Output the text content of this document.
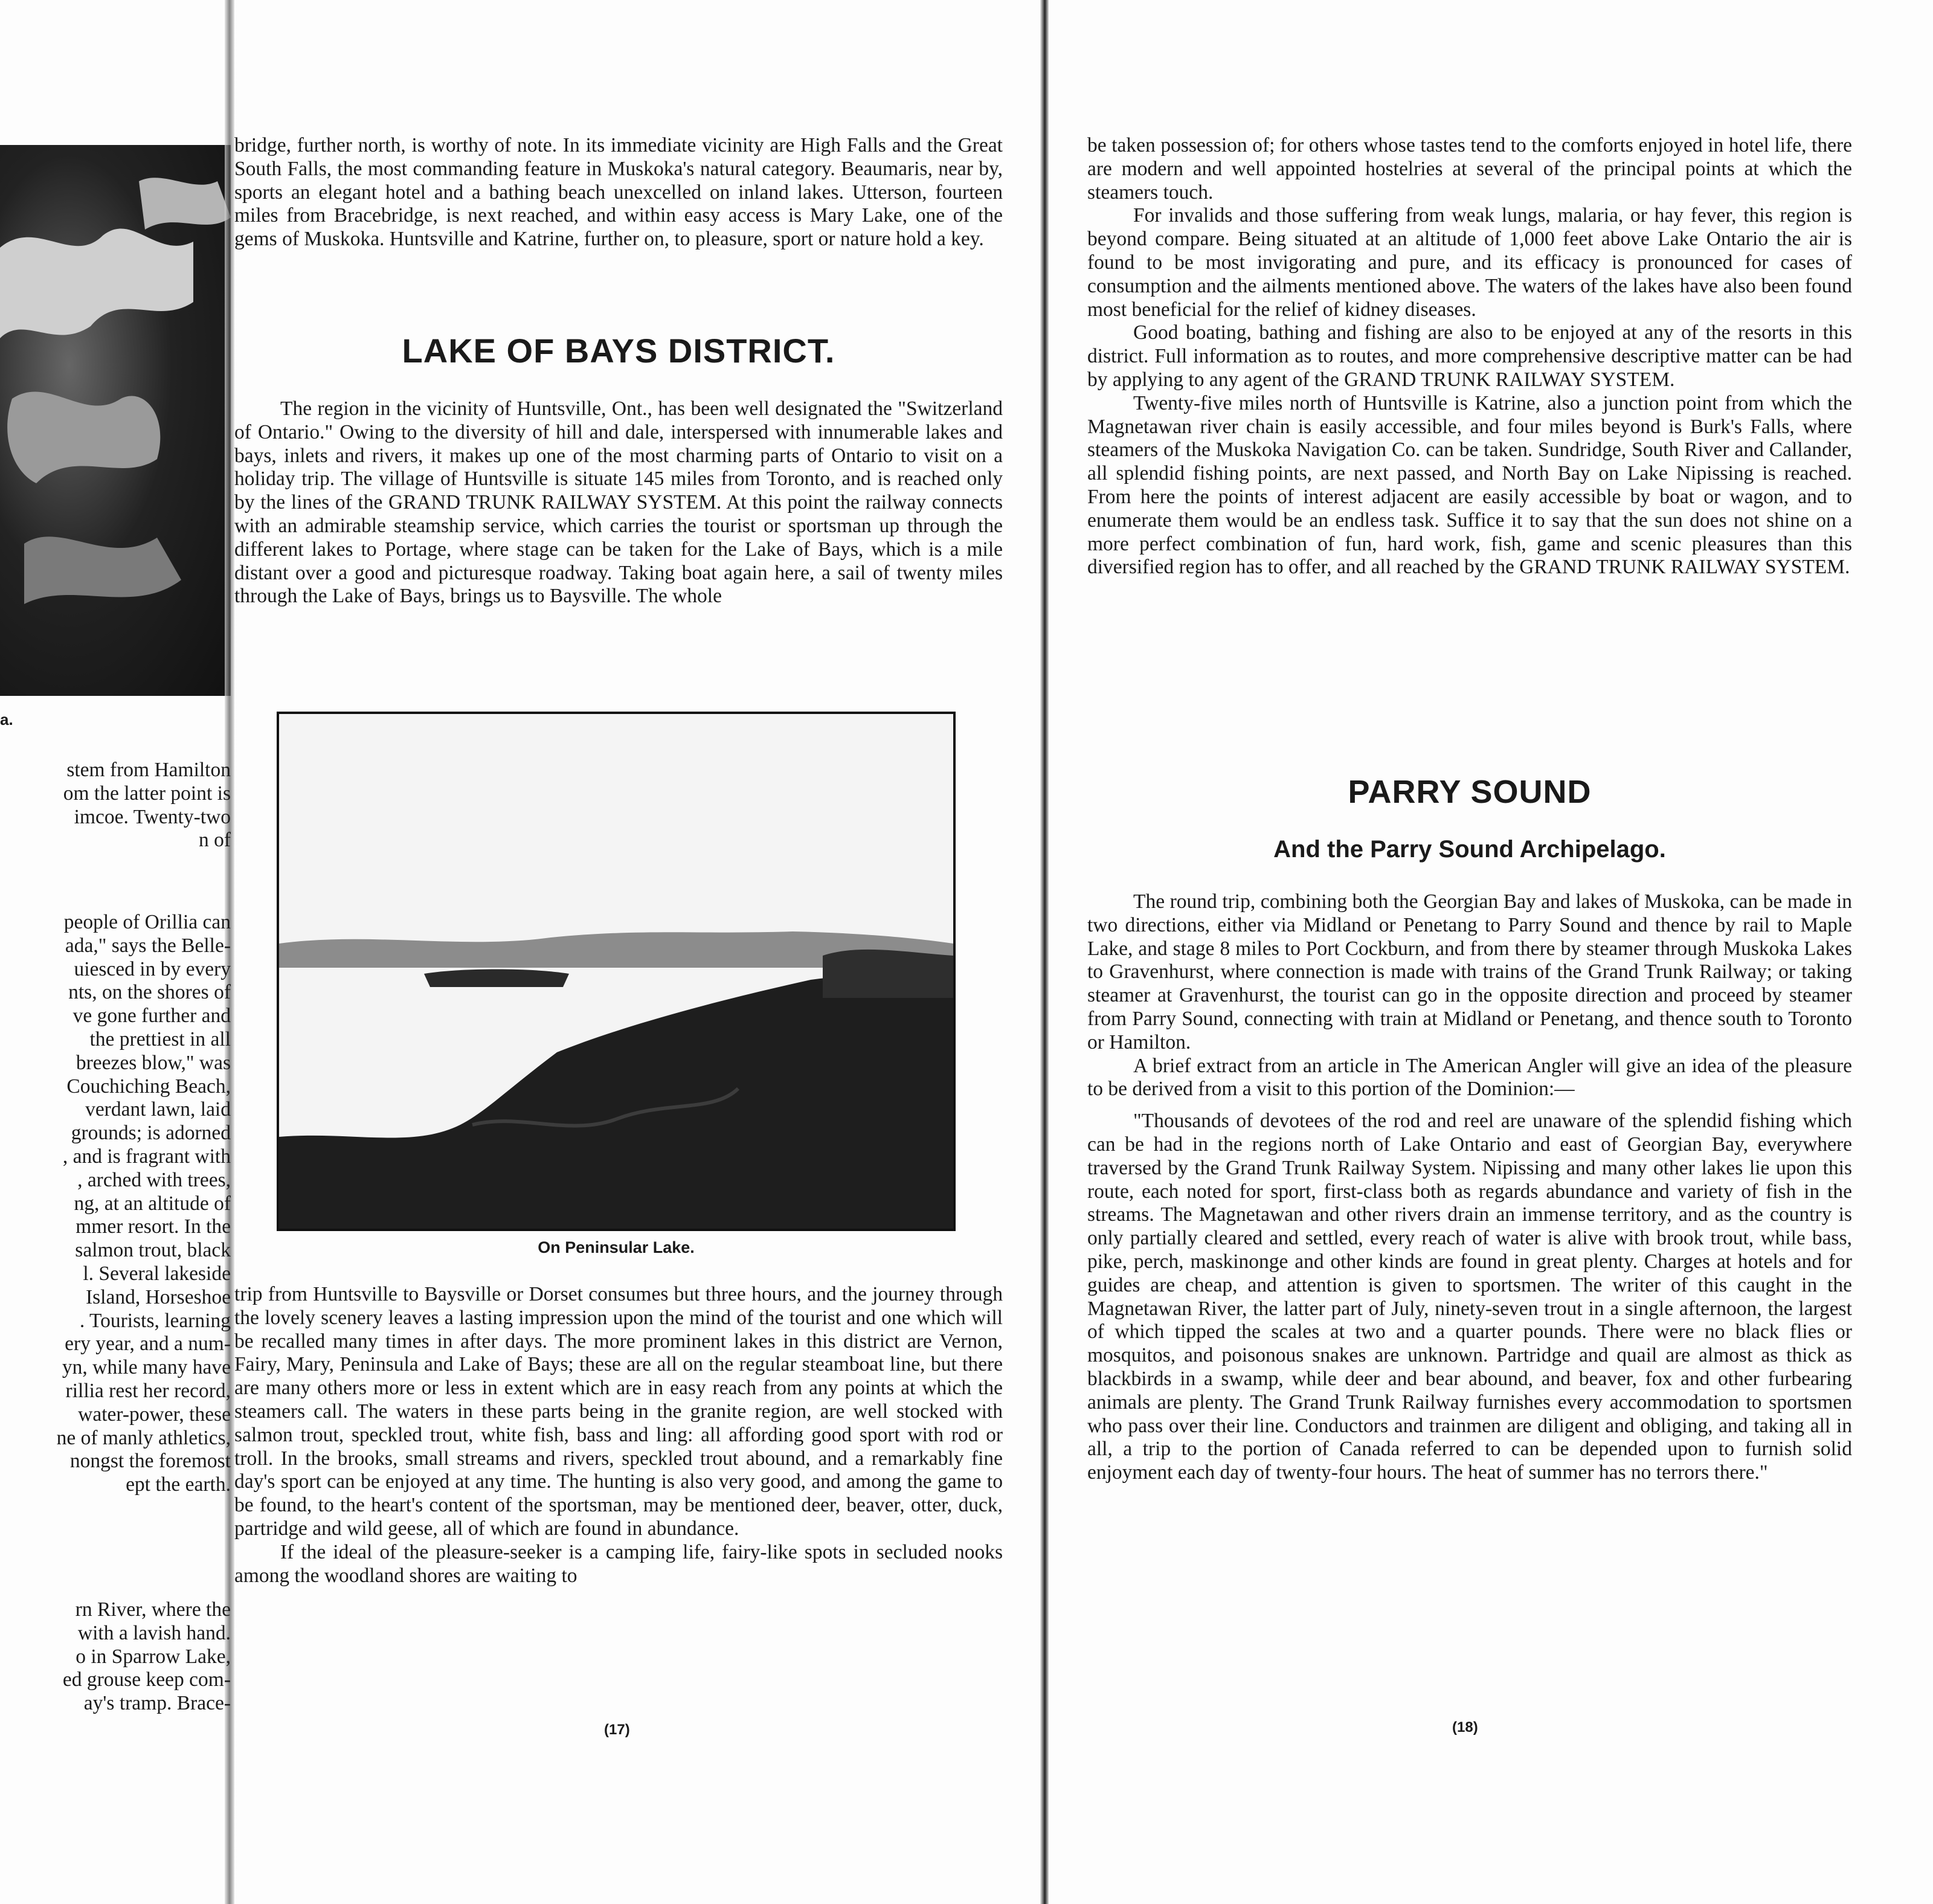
a.
stem from Hamilton
om the latter point is
imcoe. Twenty-two
n of
people of Orillia can
ada," says the Belle-
uiesced in by every
nts, on the shores of
ve gone further and
the prettiest in all
breezes blow," was
Couchiching Beach,
verdant lawn, laid
grounds; is adorned
, and is fragrant with
, arched with trees,
ng, at an altitude of
mmer resort. In the
salmon trout, black
l. Several lakeside
Island, Horseshoe
. Tourists, learning
ery year, and a num-
yn, while many have
rillia rest her record,
water-power, these
ne of manly athletics,
nongst the foremost
ept the earth.
rn River, where the
with a lavish hand.
o in Sparrow Lake,
ed grouse keep com-
ay's tramp. Brace-

bridge, further north, is worthy of note. In its immediate vicinity are High Falls and the Great South Falls, the most commanding feature in Muskoka's natural category. Beaumaris, near by, sports an elegant hotel and a bathing beach unexcelled on inland lakes. Utterson, fourteen miles from Bracebridge, is next reached, and within easy access is Mary Lake, one of the gems of Muskoka. Huntsville and Katrine, further on, to pleasure, sport or nature hold a key.

LAKE OF BAYS DISTRICT.

The region in the vicinity of Huntsville, Ont., has been well designated the "Switzerland of Ontario." Owing to the diversity of hill and dale, interspersed with innumerable lakes and bays, inlets and rivers, it makes up one of the most charming parts of Ontario to visit on a holiday trip. The village of Huntsville is situate 145 miles from Toronto, and is reached only by the lines of the GRAND TRUNK RAILWAY SYSTEM. At this point the railway connects with an admirable steamship service, which carries the tourist or sportsman up through the different lakes to Portage, where stage can be taken for the Lake of Bays, which is a mile distant over a good and picturesque roadway. Taking boat again here, a sail of twenty miles through the Lake of Bays, brings us to Baysville. The whole

On Peninsular Lake.

trip from Huntsville to Baysville or Dorset consumes but three hours, and the journey through the lovely scenery leaves a lasting impression upon the mind of the tourist and one which will be recalled many times in after days. The more prominent lakes in this district are Vernon, Fairy, Mary, Peninsula and Lake of Bays; these are all on the regular steamboat line, but there are many others more or less in extent which are in easy reach from any points at which the steamers call. The waters in these parts being in the granite region, are well stocked with salmon trout, speckled trout, white fish, bass and ling: all affording good sport with rod or troll. In the brooks, small streams and rivers, speckled trout abound, and a remarkably fine day's sport can be enjoyed at any time. The hunting is also very good, and among the game to be found, to the heart's content of the sportsman, may be mentioned deer, beaver, otter, duck, partridge and wild geese, all of which are found in abundance.

If the ideal of the pleasure-seeker is a camping life, fairy-like spots in secluded nooks among the woodland shores are waiting to

(17)

be taken possession of; for others whose tastes tend to the comforts enjoyed in hotel life, there are modern and well appointed hostelries at several of the principal points at which the steamers touch.

For invalids and those suffering from weak lungs, malaria, or hay fever, this region is beyond compare. Being situated at an altitude of 1,000 feet above Lake Ontario the air is found to be most invigorating and pure, and its efficacy is pronounced for cases of consumption and the ailments mentioned above. The waters of the lakes have also been found most beneficial for the relief of kidney diseases.

Good boating, bathing and fishing are also to be enjoyed at any of the resorts in this district. Full information as to routes, and more comprehensive descriptive matter can be had by applying to any agent of the GRAND TRUNK RAILWAY SYSTEM.

Twenty-five miles north of Huntsville is Katrine, also a junction point from which the Magnetawan river chain is easily accessible, and four miles beyond is Burk's Falls, where steamers of the Muskoka Navigation Co. can be taken. Sundridge, South River and Callander, all splendid fishing points, are next passed, and North Bay on Lake Nipissing is reached. From here the points of interest adjacent are easily accessible by boat or wagon, and to enumerate them would be an endless task. Suffice it to say that the sun does not shine on a more perfect combination of fun, hard work, fish, game and scenic pleasures than this diversified region has to offer, and all reached by the GRAND TRUNK RAILWAY SYSTEM.

PARRY SOUND
And the Parry Sound Archipelago.

The round trip, combining both the Georgian Bay and lakes of Muskoka, can be made in two directions, either via Midland or Penetang to Parry Sound and thence by rail to Maple Lake, and stage 8 miles to Port Cockburn, and from there by steamer through Muskoka Lakes to Gravenhurst, where connection is made with trains of the Grand Trunk Railway; or taking steamer at Gravenhurst, the tourist can go in the opposite direction and proceed by steamer from Parry Sound, connecting with train at Midland or Penetang, and thence south to Toronto or Hamilton.

A brief extract from an article in The American Angler will give an idea of the pleasure to be derived from a visit to this portion of the Dominion:—

"Thousands of devotees of the rod and reel are unaware of the splendid fishing which can be had in the regions north of Lake Ontario and east of Georgian Bay, everywhere traversed by the Grand Trunk Railway System. Nipissing and many other lakes lie upon this route, each noted for sport, first-class both as regards abundance and variety of fish in the streams. The Magnetawan and other rivers drain an immense territory, and as the country is only partially cleared and settled, every reach of water is alive with brook trout, while bass, pike, perch, maskinonge and other kinds are found in great plenty. Charges at hotels and for guides are cheap, and attention is given to sportsmen. The writer of this caught in the Magnetawan River, the latter part of July, ninety-seven trout in a single afternoon, the largest of which tipped the scales at two and a quarter pounds. There were no black flies or mosquitos, and poisonous snakes are unknown. Partridge and quail are almost as thick as blackbirds in a swamp, while deer and bear abound, and beaver, fox and other furbearing animals are plenty. The Grand Trunk Railway furnishes every accommodation to sportsmen who pass over their line. Conductors and trainmen are diligent and obliging, and taking all in all, a trip to the portion of Canada referred to can be depended upon to furnish solid enjoyment each day of twenty-four hours. The heat of summer has no terrors there."

(18)
